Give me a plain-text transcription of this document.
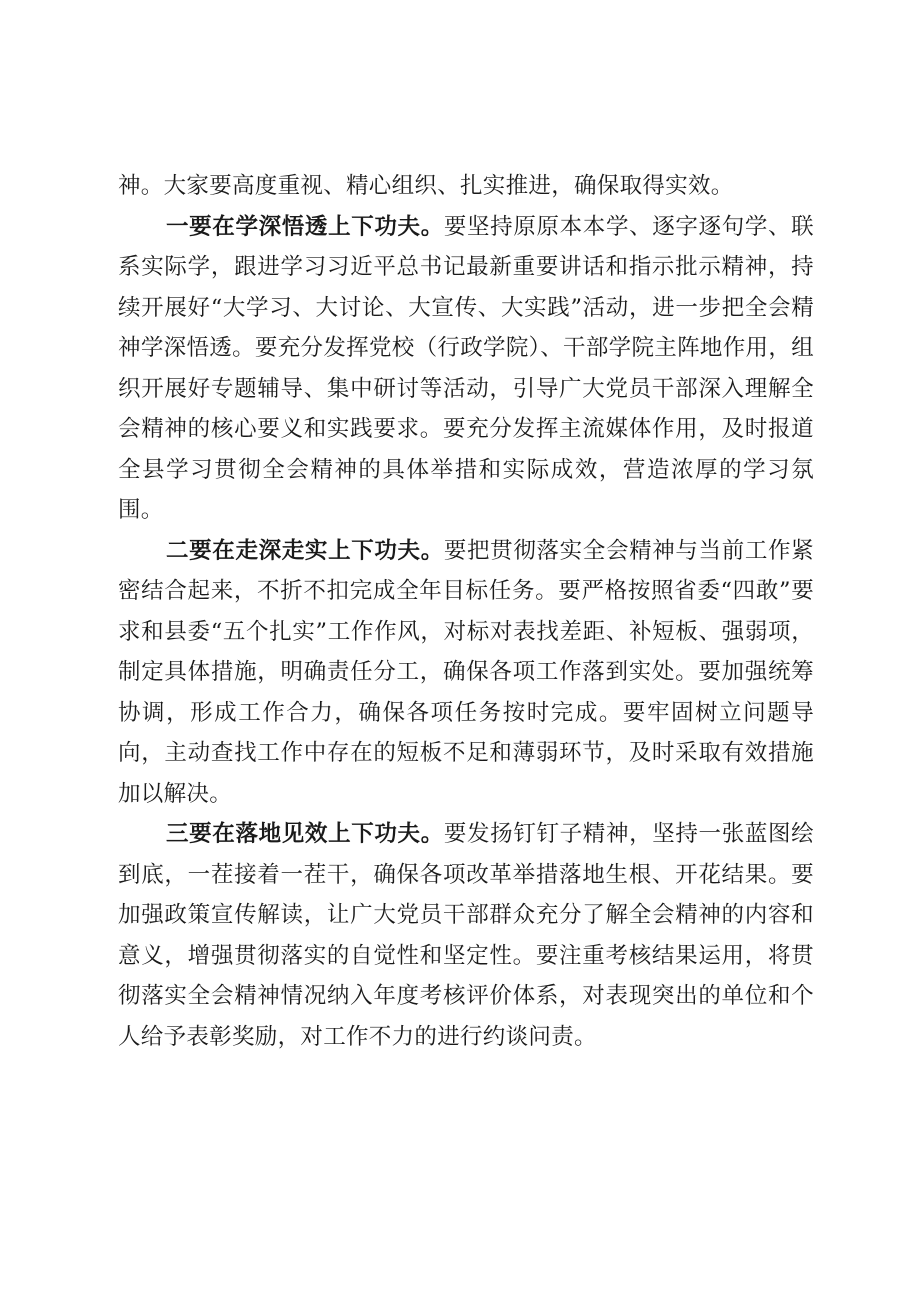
神。大家要高度重视、精心组织、扎实推进，确保取得实效。

一要在学深悟透上下功夫。要坚持原原本本学、逐字逐句学、联系实际学，跟进学习习近平总书记最新重要讲话和指示批示精神，持续开展好“大学习、大讨论、大宣传、大实践”活动，进一步把全会精神学深悟透。要充分发挥党校（行政学院）、干部学院主阵地作用，组织开展好专题辅导、集中研讨等活动，引导广大党员干部深入理解全会精神的核心要义和实践要求。要充分发挥主流媒体作用，及时报道全县学习贯彻全会精神的具体举措和实际成效，营造浓厚的学习氛围。

二要在走深走实上下功夫。要把贯彻落实全会精神与当前工作紧密结合起来，不折不扣完成全年目标任务。要严格按照省委“四敢”要求和县委“五个扎实”工作作风，对标对表找差距、补短板、强弱项，制定具体措施，明确责任分工，确保各项工作落到实处。要加强统筹协调，形成工作合力，确保各项任务按时完成。要牢固树立问题导向，主动查找工作中存在的短板不足和薄弱环节，及时采取有效措施加以解决。

三要在落地见效上下功夫。要发扬钉钉子精神，坚持一张蓝图绘到底，一茬接着一茬干，确保各项改革举措落地生根、开花结果。要加强政策宣传解读，让广大党员干部群众充分了解全会精神的内容和意义，增强贯彻落实的自觉性和坚定性。要注重考核结果运用，将贯彻落实全会精神情况纳入年度考核评价体系，对表现突出的单位和个人给予表彰奖励，对工作不力的进行约谈问责。
